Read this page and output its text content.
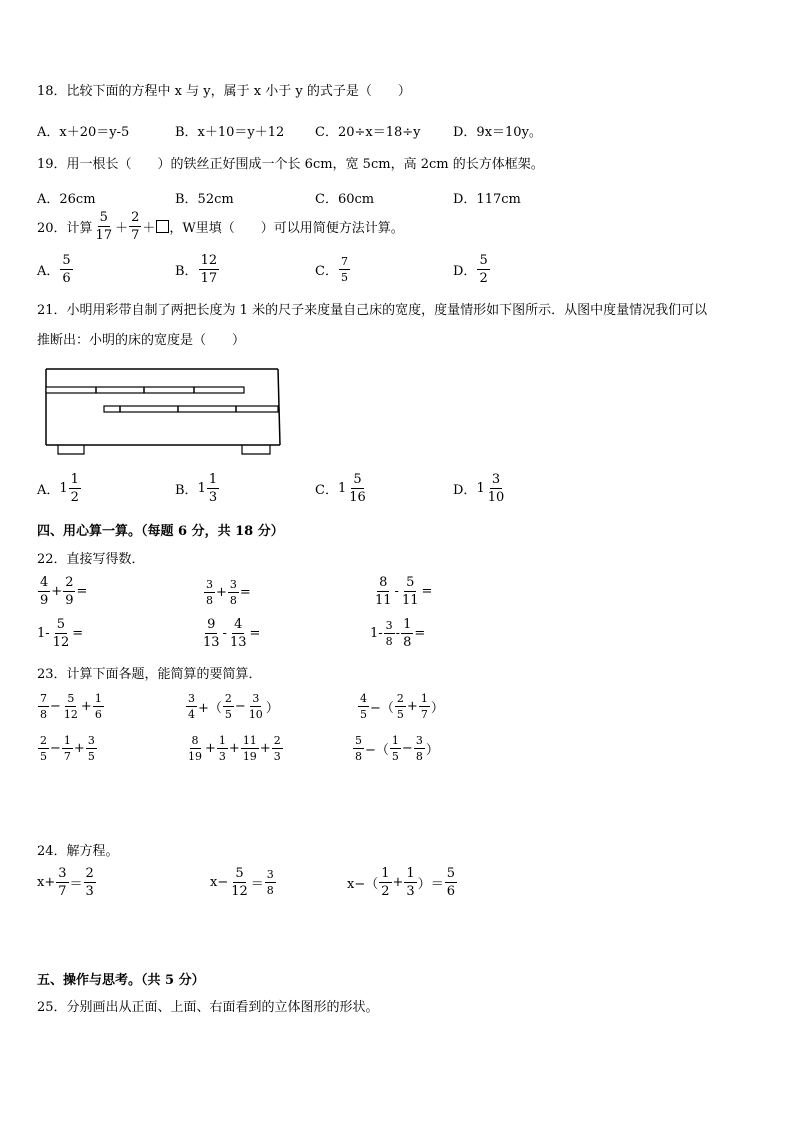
18．比较下面的方程中 x 与 y，属于 x 小于 y 的式子是（　　）
A．x＋20＝y-5	B．x＋10＝y＋12 C．20÷x＝18÷y	D．9x＝10y。
19．用一根长（　　）的铁丝正好围成一个长 6cm，宽 5cm，高 2cm 的长方体框架。
A．26cm	B．52cm	C．60cm	D．117cm
20．计算 $\frac{5}{17} + \frac{2}{7}$ ＋ ，W里填（　　）可以用简便方法计算。
A． $\frac{5}{6}$	B． $\frac{12}{17}$	C． $\frac{7}{5}$	D． $\frac{5}{2}$
21．小明用彩带自制了两把长度为 1 米的尺子来度量自己床的宽度，度量情形如下图所示．从图中度量情况我们可以
推断出：小明的床的宽度是（　　）
A． $1 \frac{1}{2}$	B． $1 \frac{1}{3}$	C． $1 \frac{5}{16}$	D． $1 \frac{3}{10}$
四、用心算一算。（每题 6 分，共 18 分）
22．直接写得数．
$\frac{4}{9} + \frac{2}{9}$ =	$\frac{3}{8} + \frac{3}{8}$ =	$\frac{8}{11} - \frac{5}{11}$ =
$1- \frac{5}{12}$ =	$\frac{9}{13} - \frac{4}{13}$ =	$1- \frac{3}{8} - \frac{1}{8}$ =
23．计算下面各题，能简算的要简算．
$\frac{7}{8} - \frac{5}{12} + \frac{1}{6}$	$\frac{3}{4}$ +（ $\frac{2}{5} - \frac{3}{10}$ ）	$\frac{4}{5}$ −（ $\frac{2}{5} + \frac{1}{7}$ ）
$\frac{2}{5} - \frac{1}{7} + \frac{3}{5}$	$\frac{8}{19} + \frac{1}{3} + \frac{11}{19} + \frac{2}{3}$	$\frac{5}{8}$ −（ $\frac{1}{5} - \frac{3}{8}$ ）
24．解方程。
$x+ \frac{3}{7} = \frac{2}{3}$	$x- \frac{5}{12} = \frac{3}{8}$	$x-( \frac{1}{2} + \frac{1}{3}$ ）＝ $\frac{5}{6}$
五、操作与思考。（共 5 分）
25．分别画出从正面、上面、右面看到的立体图形的形状。
